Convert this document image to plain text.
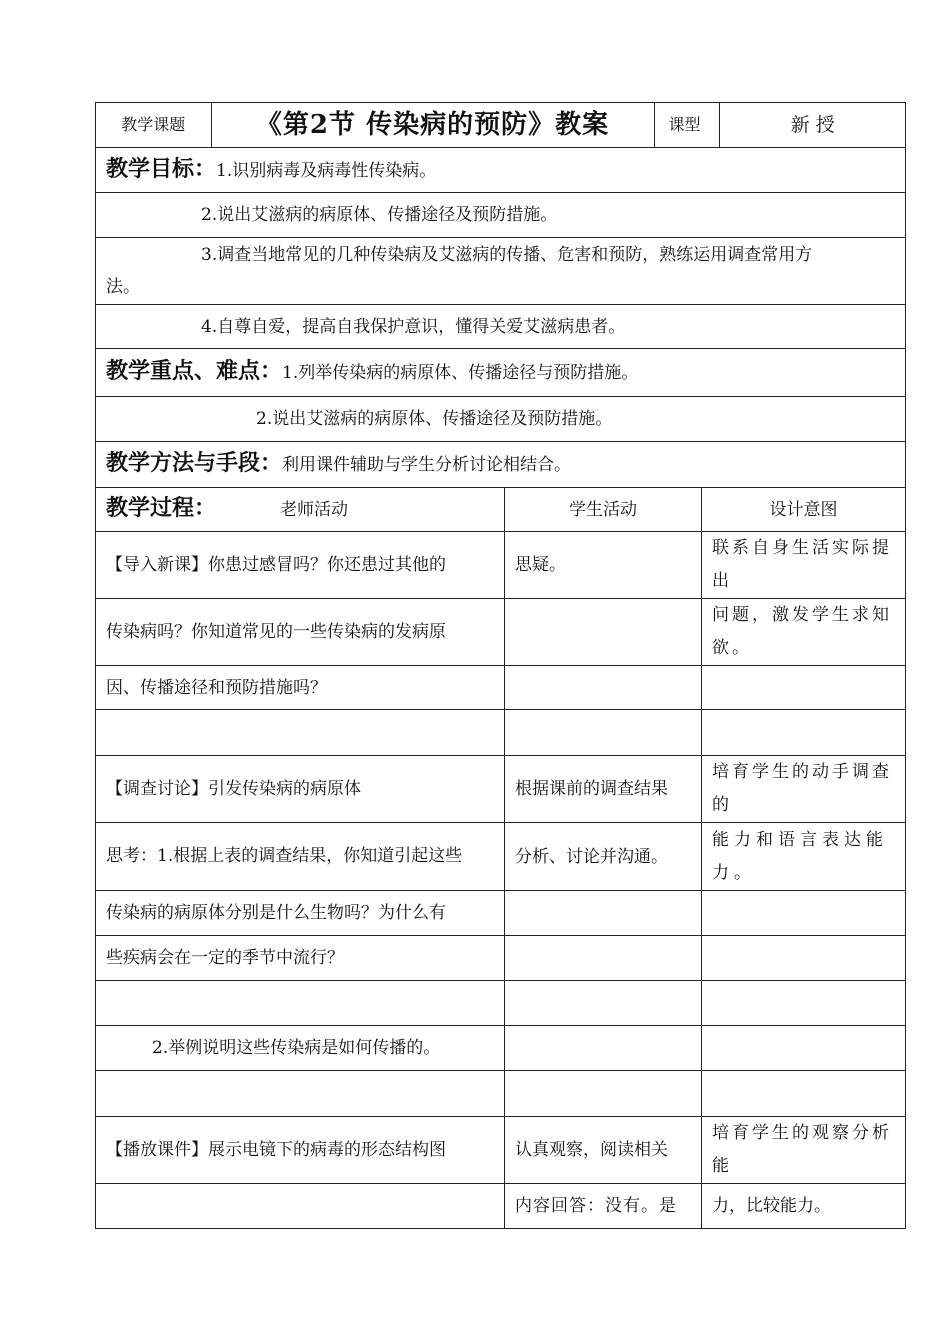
教学课题	《第2节 传染病的预防》教案	课型	新 授

教学目标：1.识别病毒及病毒性传染病。
2.说出艾滋病的病原体、传播途径及预防措施。

3.调查当地常见的几种传染病及艾滋病的传播、危害和预防，熟练运用调查常用方
法。

4.自尊自爱，提高自我保护意识，懂得关爱艾滋病患者。
教学重点、难点：1.列举传染病的病原体、传播途径与预防措施。
2.说出艾滋病的病原体、传播途径及预防措施。
教学方法与手段：利用课件辅助与学生分析讨论相结合。
教学过程：	老师活动	学生活动	设计意图
【导入新课】你患过感冒吗？你还患过其他的	思疑。	联系自身生活实际提出
传染病吗？你知道常见的一些传染病的发病原		问题，激发学生求知欲。
因、传播途径和预防措施吗？		

【调查讨论】引发传染病的病原体	根据课前的调查结果	培育学生的动手调查的
思考：1.根据上表的调查结果，你知道引起这些	分析、讨论并沟通。	能力和语言表达能力。
传染病的病原体分别是什么生物吗？为什么有		
些疾病会在一定的季节中流行？		

2.举例说明这些传染病是如何传播的。		

【播放课件】展示电镜下的病毒的形态结构图	认真观察，阅读相关	培育学生的观察分析能
	内容回答：没有。是	力，比较能力。
